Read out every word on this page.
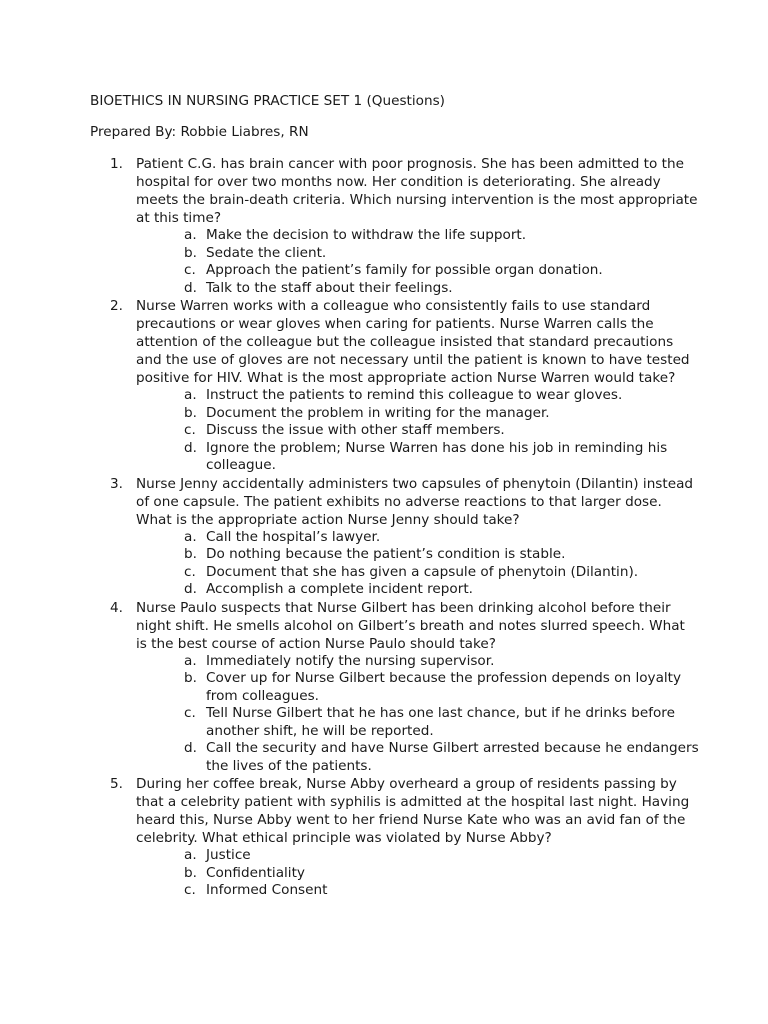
BIOETHICS IN NURSING PRACTICE SET 1 (Questions)
Prepared By: Robbie Liabres, RN
1. Patient C.G. has brain cancer with poor prognosis. She has been admitted to the hospital for over two months now. Her condition is deteriorating. She already meets the brain-death criteria. Which nursing intervention is the most appropriate at this time?
a. Make the decision to withdraw the life support.
b. Sedate the client.
c. Approach the patient’s family for possible organ donation.
d. Talk to the staff about their feelings.
2. Nurse Warren works with a colleague who consistently fails to use standard precautions or wear gloves when caring for patients. Nurse Warren calls the attention of the colleague but the colleague insisted that standard precautions and the use of gloves are not necessary until the patient is known to have tested positive for HIV. What is the most appropriate action Nurse Warren would take?
a. Instruct the patients to remind this colleague to wear gloves.
b. Document the problem in writing for the manager.
c. Discuss the issue with other staff members.
d. Ignore the problem; Nurse Warren has done his job in reminding his colleague.
3. Nurse Jenny accidentally administers two capsules of phenytoin (Dilantin) instead of one capsule. The patient exhibits no adverse reactions to that larger dose. What is the appropriate action Nurse Jenny should take?
a. Call the hospital’s lawyer.
b. Do nothing because the patient’s condition is stable.
c. Document that she has given a capsule of phenytoin (Dilantin).
d. Accomplish a complete incident report.
4. Nurse Paulo suspects that Nurse Gilbert has been drinking alcohol before their night shift. He smells alcohol on Gilbert’s breath and notes slurred speech. What is the best course of action Nurse Paulo should take?
a. Immediately notify the nursing supervisor.
b. Cover up for Nurse Gilbert because the profession depends on loyalty from colleagues.
c. Tell Nurse Gilbert that he has one last chance, but if he drinks before another shift, he will be reported.
d. Call the security and have Nurse Gilbert arrested because he endangers the lives of the patients.
5. During her coffee break, Nurse Abby overheard a group of residents passing by that a celebrity patient with syphilis is admitted at the hospital last night. Having heard this, Nurse Abby went to her friend Nurse Kate who was an avid fan of the celebrity. What ethical principle was violated by Nurse Abby?
a. Justice
b. Confidentiality
c. Informed Consent
